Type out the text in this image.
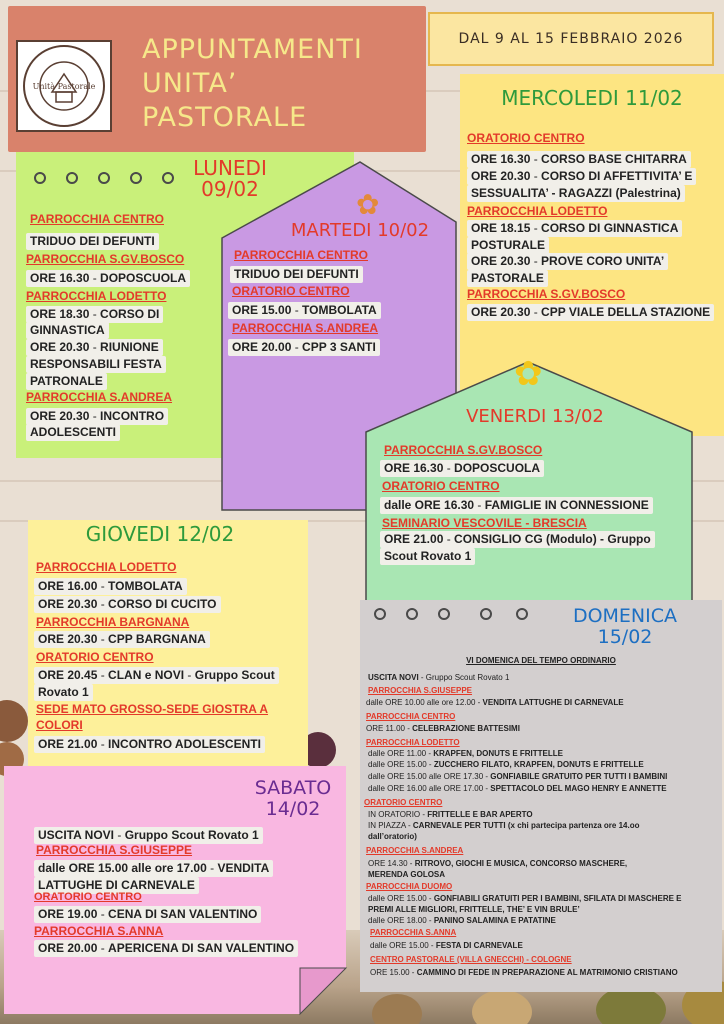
Unità Pastorale
APPUNTAMENTI
UNITA’
PASTORALE
DAL 9 AL 15 FEBBRAIO 2026
MERCOLEDI 11/02
ORATORIO CENTRO
ORE 16.30 - CORSO BASE CHITARRA
ORE 20.30 - CORSO DI AFFETTIVITA’ E
SESSUALITA’ - RAGAZZI (Palestrina)
PARROCCHIA LODETTO
ORE 18.15 - CORSO DI GINNASTICA
POSTURALE
ORE 20.30 - PROVE CORO UNITA’
PASTORALE
PARROCCHIA S.GV.BOSCO
ORE 20.30 - CPP VIALE DELLA STAZIONE
LUNEDI
09/02
PARROCCHIA CENTRO
TRIDUO DEI DEFUNTI
PARROCCHIA S.GV.BOSCO
ORE 16.30 - DOPOSCUOLA
PARROCCHIA LODETTO
ORE 18.30 - CORSO DI
GINNASTICA
ORE 20.30 - RIUNIONE
RESPONSABILI FESTA
PATRONALE
PARROCCHIA S.ANDREA
ORE 20.30 - INCONTRO
ADOLESCENTI
✿
MARTEDI 10/02
PARROCCHIA CENTRO
TRIDUO DEI DEFUNTI
ORATORIO CENTRO
ORE 15.00 - TOMBOLATA
PARROCCHIA S.ANDREA
ORE 20.00 - CPP 3 SANTI
✿
VENERDI 13/02
PARROCCHIA S.GV.BOSCO
ORE 16.30 - DOPOSCUOLA
ORATORIO CENTRO
dalle ORE 16.30 - FAMIGLIE IN CONNESSIONE
SEMINARIO VESCOVILE - BRESCIA
ORE 21.00 - CONSIGLIO CG (Modulo) - Gruppo
Scout Rovato 1
GIOVEDI 12/02
PARROCCHIA LODETTO
ORE 16.00 - TOMBOLATA
ORE 20.30 - CORSO DI CUCITO
PARROCCHIA BARGNANA
ORE 20.30 - CPP BARGNANA
ORATORIO CENTRO
ORE 20.45 - CLAN e NOVI - Gruppo Scout
Rovato 1
SEDE MATO GROSSO-SEDE GIOSTRA A
COLORI
ORE 21.00 - INCONTRO ADOLESCENTI
SABATO
14/02
USCITA NOVI - Gruppo Scout Rovato 1
PARROCCHIA S.GIUSEPPE
dalle ORE 15.00 alle ore 17.00 - VENDITA
LATTUGHE DI CARNEVALE
ORATORIO CENTRO
ORE 19.00 - CENA DI SAN VALENTINO
PARROCCHIA S.ANNA
ORE 20.00 - APERICENA DI SAN VALENTINO
DOMENICA
15/02
VI DOMENICA DEL TEMPO ORDINARIO
USCITA NOVI - Gruppo Scout Rovato 1
PARROCCHIA S.GIUSEPPE
dalle ORE 10.00 alle ore 12.00 - VENDITA LATTUGHE DI CARNEVALE
PARROCCHIA CENTRO
ORE 11.00 - CELEBRAZIONE BATTESIMI
PARROCCHIA LODETTO
dalle ORE 11.00 - KRAPFEN, DONUTS E FRITTELLE
dalle ORE 15.00 - ZUCCHERO FILATO, KRAPFEN, DONUTS E FRITTELLE
dalle ORE 15.00 alle ORE 17.30 - GONFIABILE GRATUITO PER TUTTI I BAMBINI
dalle ORE 16.00 alle ORE 17.00 - SPETTACOLO DEL MAGO HENRY E ANNETTE
ORATORIO CENTRO
IN ORATORIO - FRITTELLE E BAR APERTO
IN PIAZZA - CARNEVALE PER TUTTI (x chi partecipa partenza ore 14.oo
dall’oratorio)
PARROCCHIA S.ANDREA
ORE 14.30 - RITROVO, GIOCHI E MUSICA, CONCORSO MASCHERE,
MERENDA GOLOSA
PARROCCHIA DUOMO
dalle ORE 15.00 - GONFIABILI GRATUITI PER I BAMBINI, SFILATA DI MASCHERE E
PREMI ALLE MIGLIORI, FRITTELLE, THE’ E VIN BRULE’
dalle ORE 18.00 - PANINO SALAMINA E PATATINE
PARROCCHIA S.ANNA
dalle ORE 15.00 - FESTA DI CARNEVALE
CENTRO PASTORALE (VILLA GNECCHI) - COLOGNE
ORE 15.00 - CAMMINO DI FEDE IN PREPARAZIONE AL MATRIMONIO CRISTIANO
